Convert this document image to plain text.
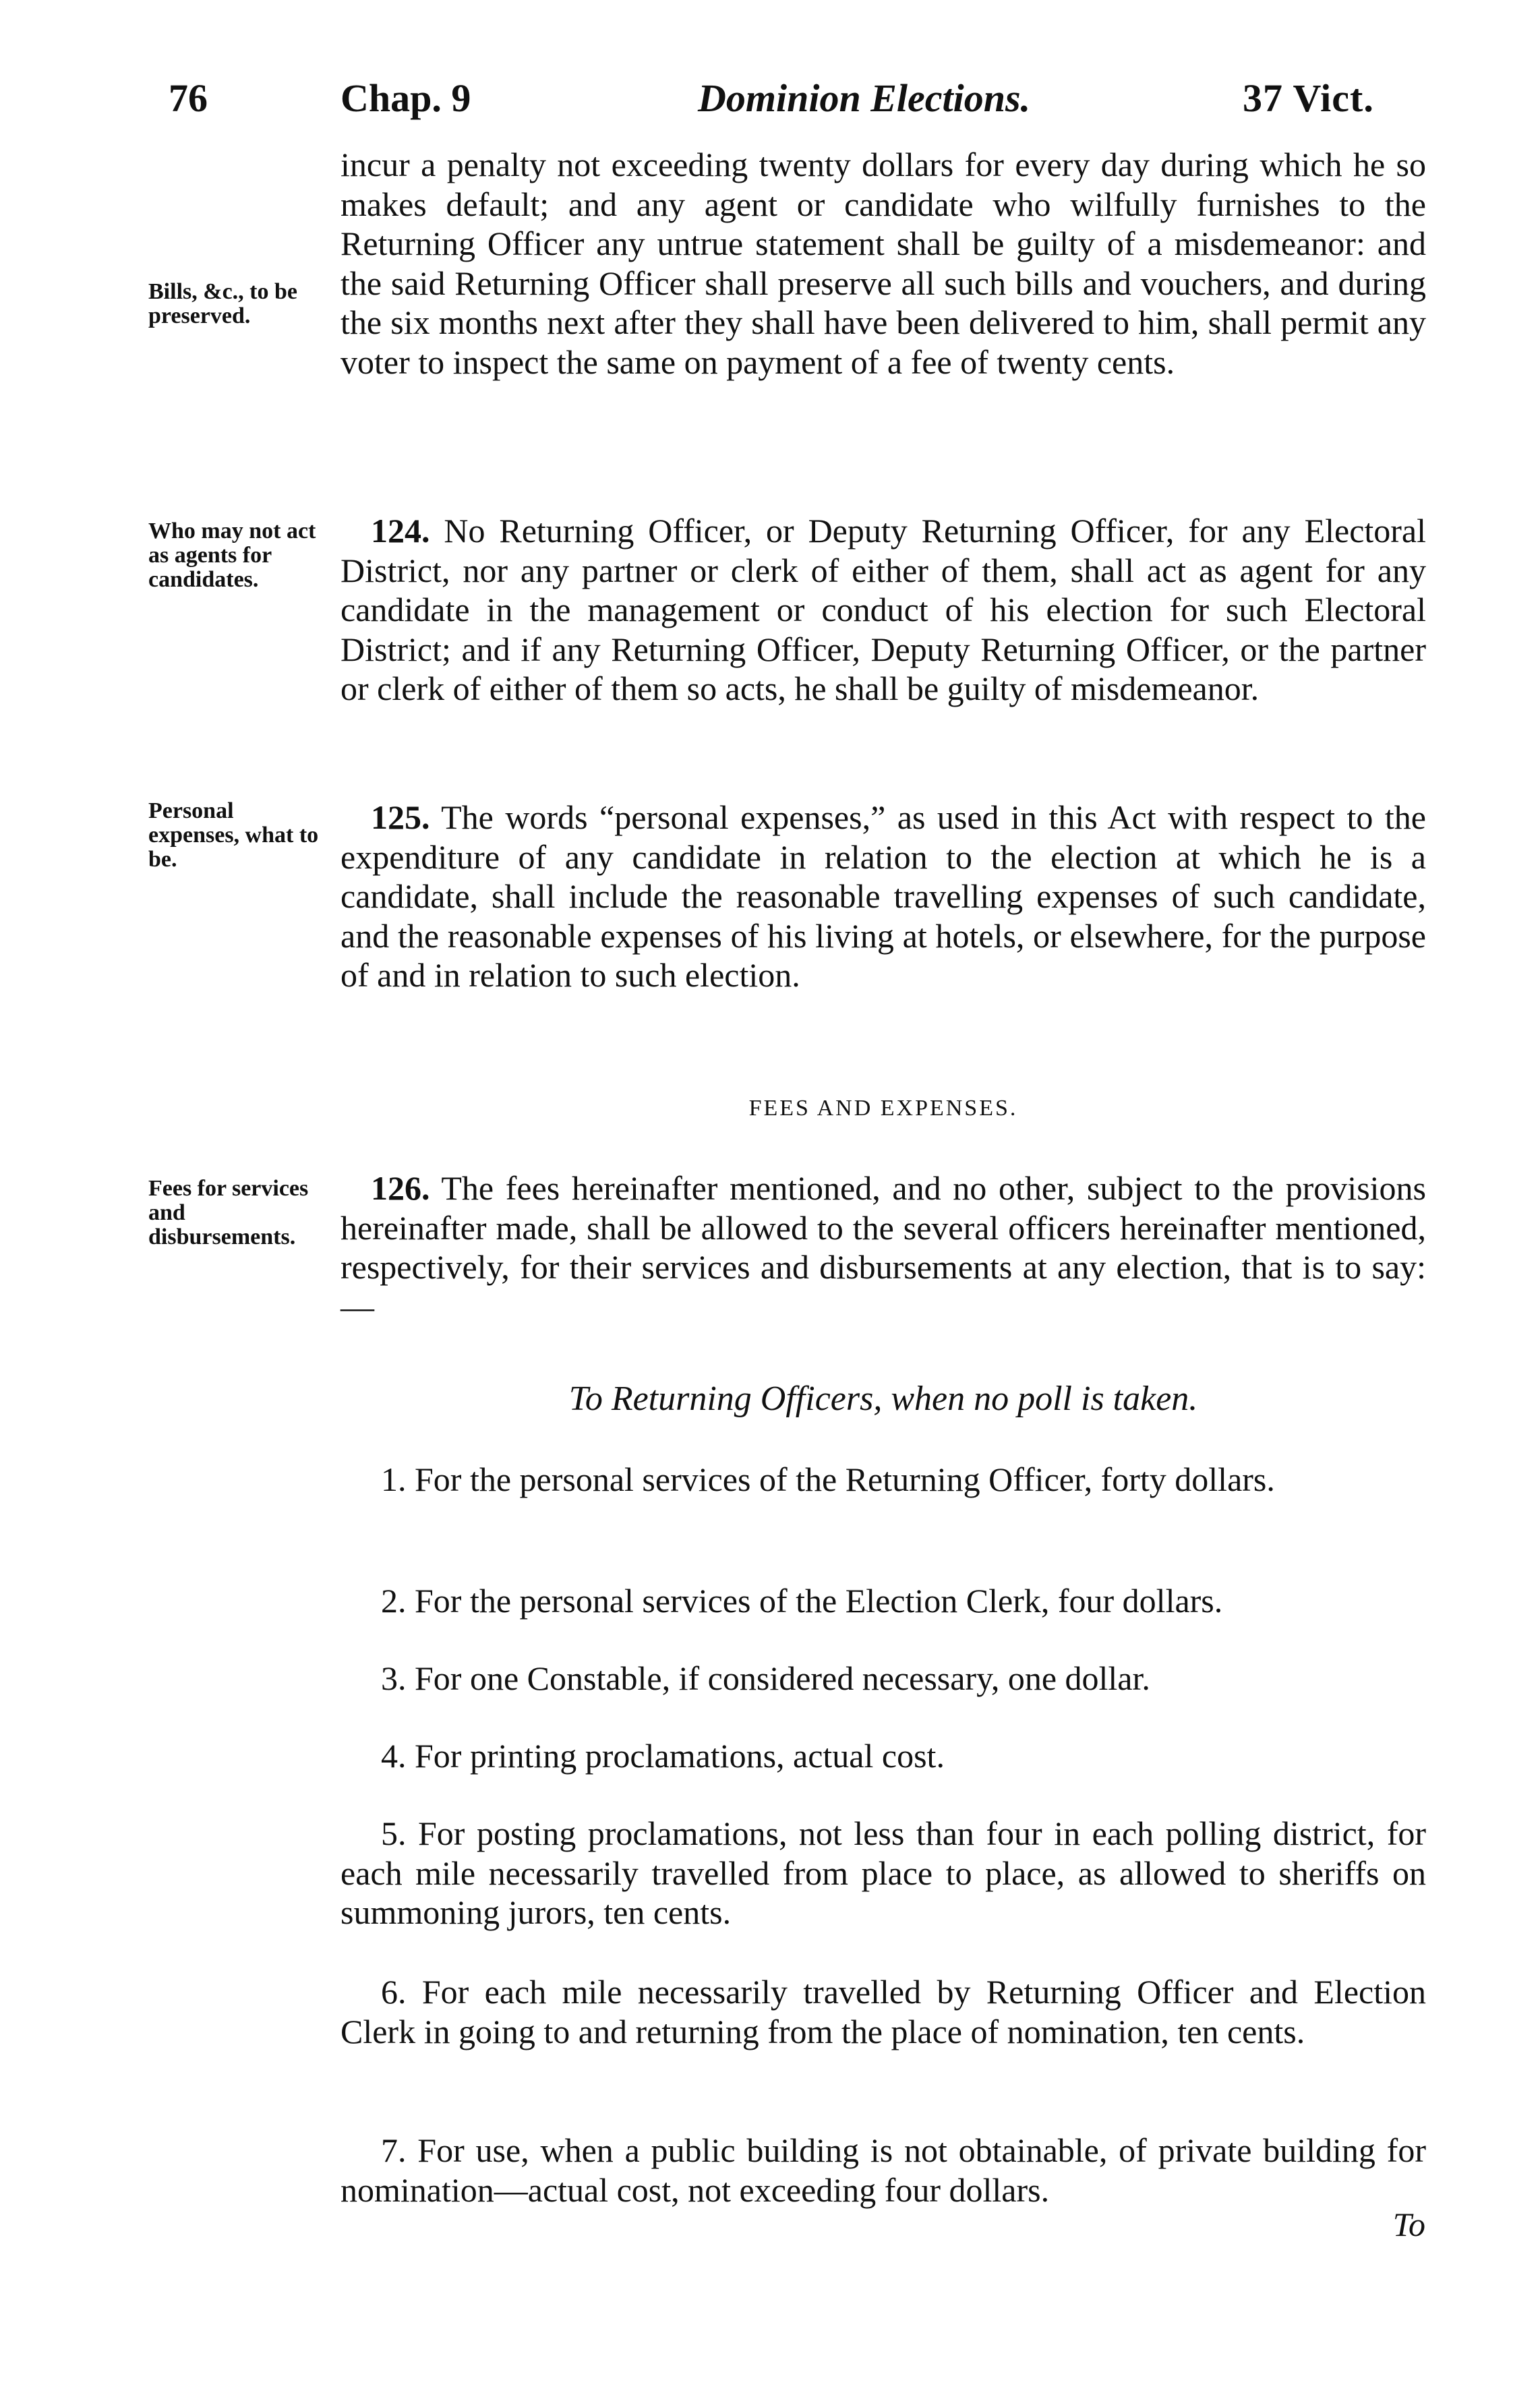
76	Chap. 9	Dominion Elections.	37 Vict.
incur a penalty not exceeding twenty dollars for every day during which he so makes default; and any agent or candidate who wilfully furnishes to the Returning Officer any untrue statement shall be guilty of a misdemeanor: and the said Returning Officer shall preserve all such bills and vouchers, and during the six months next after they shall have been delivered to him, shall permit any voter to inspect the same on payment of a fee of twenty cents.
Bills, &c., to be preserved.
Who may not act as agents for candidates.
124. No Returning Officer, or Deputy Returning Officer, for any Electoral District, nor any partner or clerk of either of them, shall act as agent for any candidate in the management or conduct of his election for such Electoral District; and if any Returning Officer, Deputy Returning Officer, or the partner or clerk of either of them so acts, he shall be guilty of misdemeanor.
Personal expenses, what to be.
125. The words “personal expenses,” as used in this Act with respect to the expenditure of any candidate in relation to the election at which he is a candidate, shall include the reasonable travelling expenses of such candidate, and the reasonable expenses of his living at hotels, or elsewhere, for the purpose of and in relation to such election.
FEES AND EXPENSES.
Fees for services and disbursements.
126. The fees hereinafter mentioned, and no other, subject to the provisions hereinafter made, shall be allowed to the several officers hereinafter mentioned, respectively, for their services and disbursements at any election, that is to say:—
To Returning Officers, when no poll is taken.
1. For the personal services of the Returning Officer, forty dollars.
2. For the personal services of the Election Clerk, four dollars.
3. For one Constable, if considered necessary, one dollar.
4. For printing proclamations, actual cost.
5. For posting proclamations, not less than four in each polling district, for each mile necessarily travelled from place to place, as allowed to sheriffs on summoning jurors, ten cents.
6. For each mile necessarily travelled by Returning Officer and Election Clerk in going to and returning from the place of nomination, ten cents.
7. For use, when a public building is not obtainable, of private building for nomination—actual cost, not exceeding four dollars.
To
